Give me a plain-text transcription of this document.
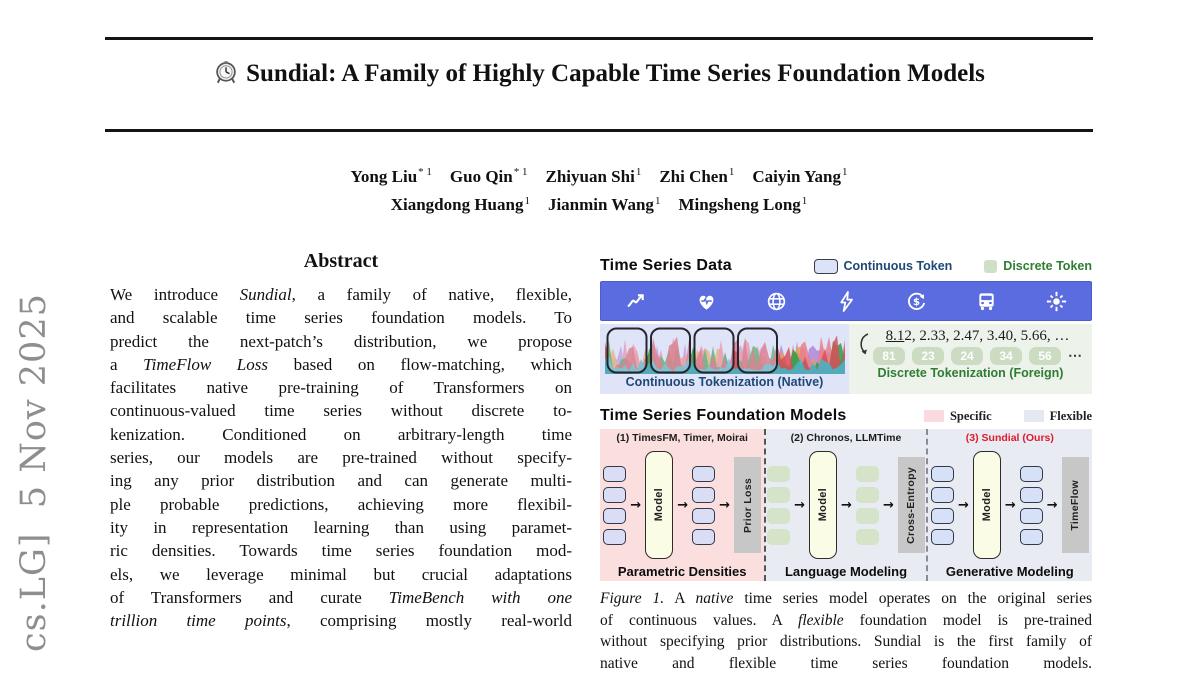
cs.LG]  5 Nov 2025
Sundial: A Family of Highly Capable Time Series Foundation Models
Yong Liu$^{* 1}$ Guo Qin$^{* 1}$ Zhiyuan Shi$^1$ Zhi Chen$^1$ Caiyin Yang$^1$
Xiangdong Huang$^1$ Jianmin Wang$^1$ Mingsheng Long$^1$
Abstract
We introduce Sundial, a family of native, flexible,
and scalable time series foundation models. To
predict the next-patch’s distribution, we propose
a TimeFlow Loss based on flow-matching, which
facilitates native pre-training of Transformers on
continuous-valued time series without discrete to-
kenization. Conditioned on arbitrary-length time
series, our models are pre-trained without specify-
ing any prior distribution and can generate multi-
ple probable predictions, achieving more flexibil-
ity in representation learning than using paramet-
ric densities. Towards time series foundation mod-
els, we leverage minimal but crucial adaptations
of Transformers and curate TimeBench with one
trillion time points, comprising mostly real-world
Time Series Data	Continuous Token	Discrete Token
$
Continuous Tokenization (Native)
8.12, 2.33, 2.47, 3.40, 5.66, …
81	23	24	34	56	⋯
Discrete Tokenization (Foreign)
Time Series Foundation Models	Specific	Flexible
(1) TimesFM, Timer, Moirai
→ Model → → Prior Loss
Parametric Densities
(2) Chronos, LLMTime
→ Model → → Cross-Entropy
Language Modeling
(3) Sundial (Ours)
→ Model → → TimeFlow
Generative Modeling
Figure 1. A native time series model operates on the original series
of continuous values. A flexible foundation model is pre-trained
without specifying prior distributions. Sundial is the first family of
native and flexible time series foundation models.
